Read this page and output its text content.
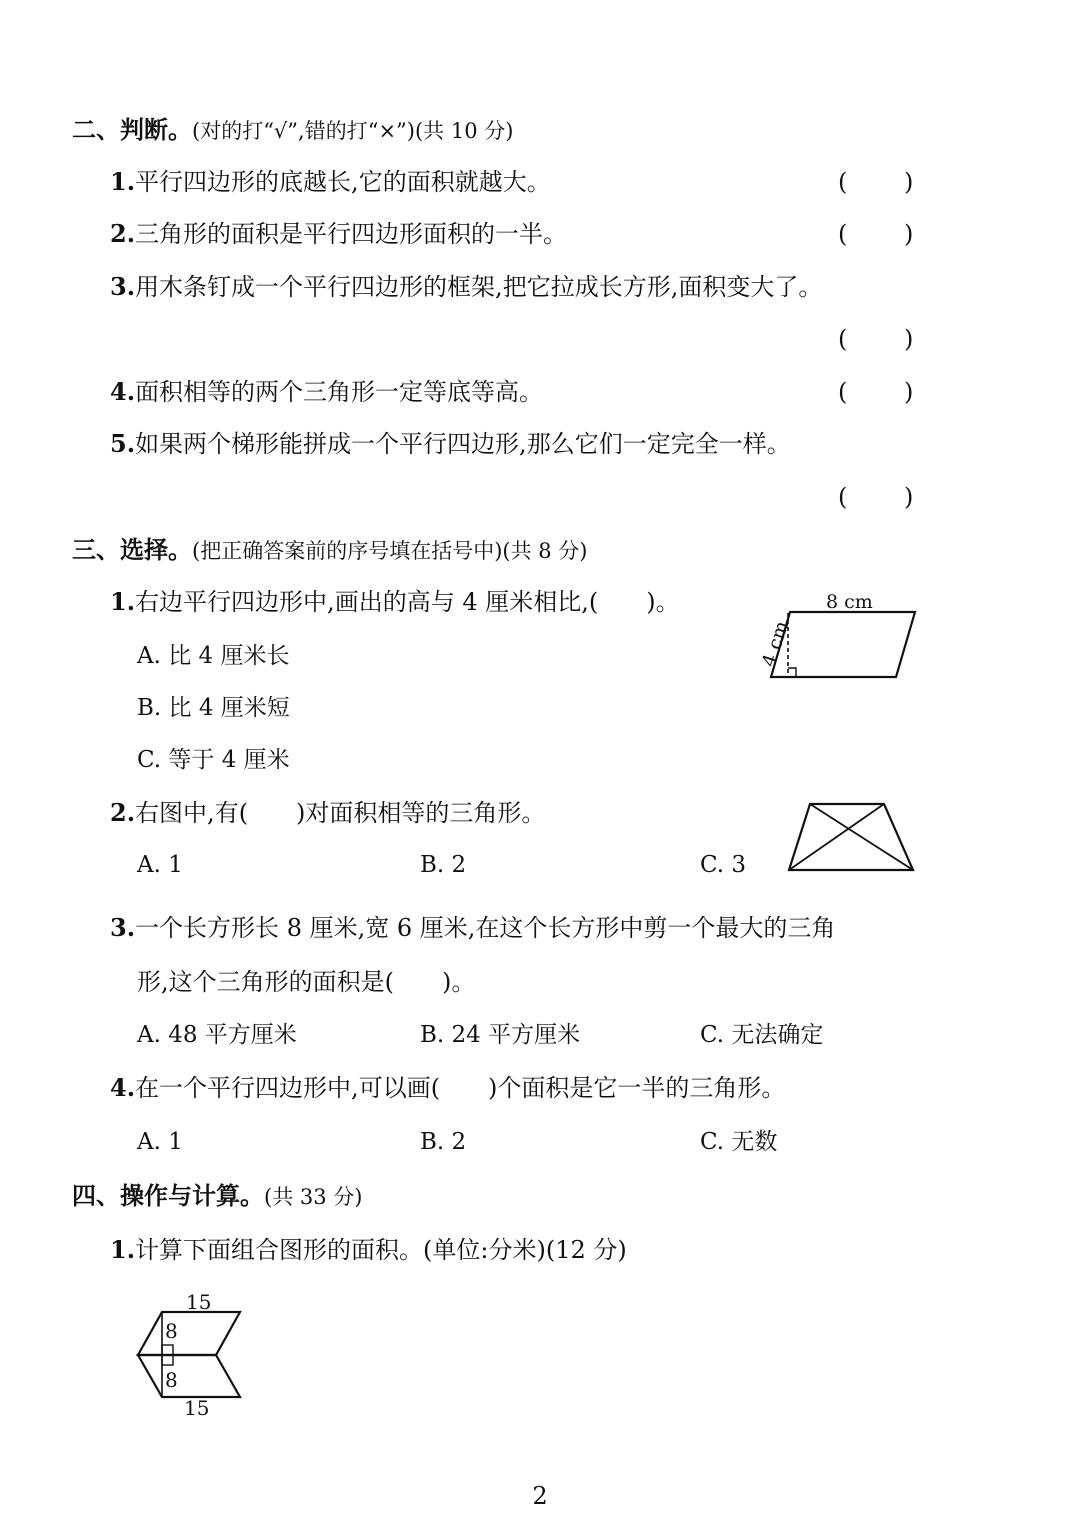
二、判断。(对的打“√”,错的打“×”)(共 10 分)
1.平行四边形的底越长,它的面积就越大。	( )
2.三角形的面积是平行四边形面积的一半。	( )
3.用木条钉成一个平行四边形的框架,把它拉成长方形,面积变大了。
( )
4.面积相等的两个三角形一定等底等高。	( )
5.如果两个梯形能拼成一个平行四边形,那么它们一定完全一样。
( )
三、选择。(把正确答案前的序号填在括号中)(共 8 分)
1.右边平行四边形中,画出的高与 4 厘米相比,(　　)。
A. 比 4 厘米长
B. 比 4 厘米短
C. 等于 4 厘米
8 cm
4 cm
2.右图中,有(　　)对面积相等的三角形。
A. 1	B. 2	C. 3
3.一个长方形长 8 厘米,宽 6 厘米,在这个长方形中剪一个最大的三角
形,这个三角形的面积是(　　)。
A. 48 平方厘米	B. 24 平方厘米	C. 无法确定
4.在一个平行四边形中,可以画(　　)个面积是它一半的三角形。
A. 1	B. 2	C. 无数
四、操作与计算。(共 33 分)
1.计算下面组合图形的面积。(单位:分米)(12 分)
15
8
8
15
2
